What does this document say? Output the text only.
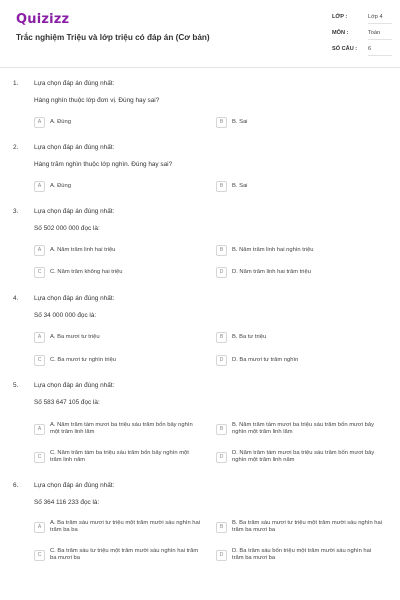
Quizizz
Trắc nghiệm Triệu và lớp triệu có đáp án (Cơ bản)
LỚP :	Lớp 4
MÔN :	Toán
SỐ CÂU : 6
1. Lựa chọn đáp án đúng nhất:
Hàng nghìn thuộc lớp đơn vị. Đúng hay sai?
A	A. Đúng	B	B. Sai
2. Lựa chọn đáp án đúng nhất:
Hàng trăm nghìn thuộc lớp nghìn. Đúng hay sai?
A	A. Đúng	B	B. Sai
3. Lựa chọn đáp án đúng nhất:
Số 502 000 000 đọc là:
A	A. Năm trăm linh hai triệu	B	B. Năm trăm linh hai nghìn triệu
C	C. Năm trăm không hai triệu	D	D. Năm trăm linh hai trăm triệu
4. Lựa chọn đáp án đúng nhất:
Số 34 000 000 đọc là:
A	A. Ba mươi tư triệu	B	B. Ba tư triệu
C	C. Ba mươi tư nghìn triệu	D	D. Ba mươi tư trăm nghìn
5. Lựa chọn đáp án đúng nhất:
Số 583 647 105 đọc là:
A
A. Năm trăm tám mươi ba triệu sáu trăm bốn bảy nghìn một trăm linh lăm
B
B. Năm trăm tám mươi ba triệu sáu trăm bốn mươi bảy nghìn một trăm linh lăm
C
C. Năm trăm tám ba triệu sáu trăm bốn bảy nghìn một trăm linh năm
D
D. Năm trăm tám mươi ba triệu sáu trăm bốn mươi bảy nghìn một trăm linh năm
6. Lựa chọn đáp án đúng nhất:
Số 364 116 233 đọc là:
A
A. Ba trăm sáu mươi tư triệu một trăm mười sáu nghìn hai trăm ba ba
B
B. Ba trăm sáu mươi tư triệu một trăm mười sáu nghìn hai trăm ba mươi ba
C
C. Ba trăm sáu tư triệu một trăm mười sáu nghìn hai trăm ba mươi ba
D
D. Ba trăm sáu bốn triệu một trăm mười sáu nghìn hai trăm ba mươi ba
